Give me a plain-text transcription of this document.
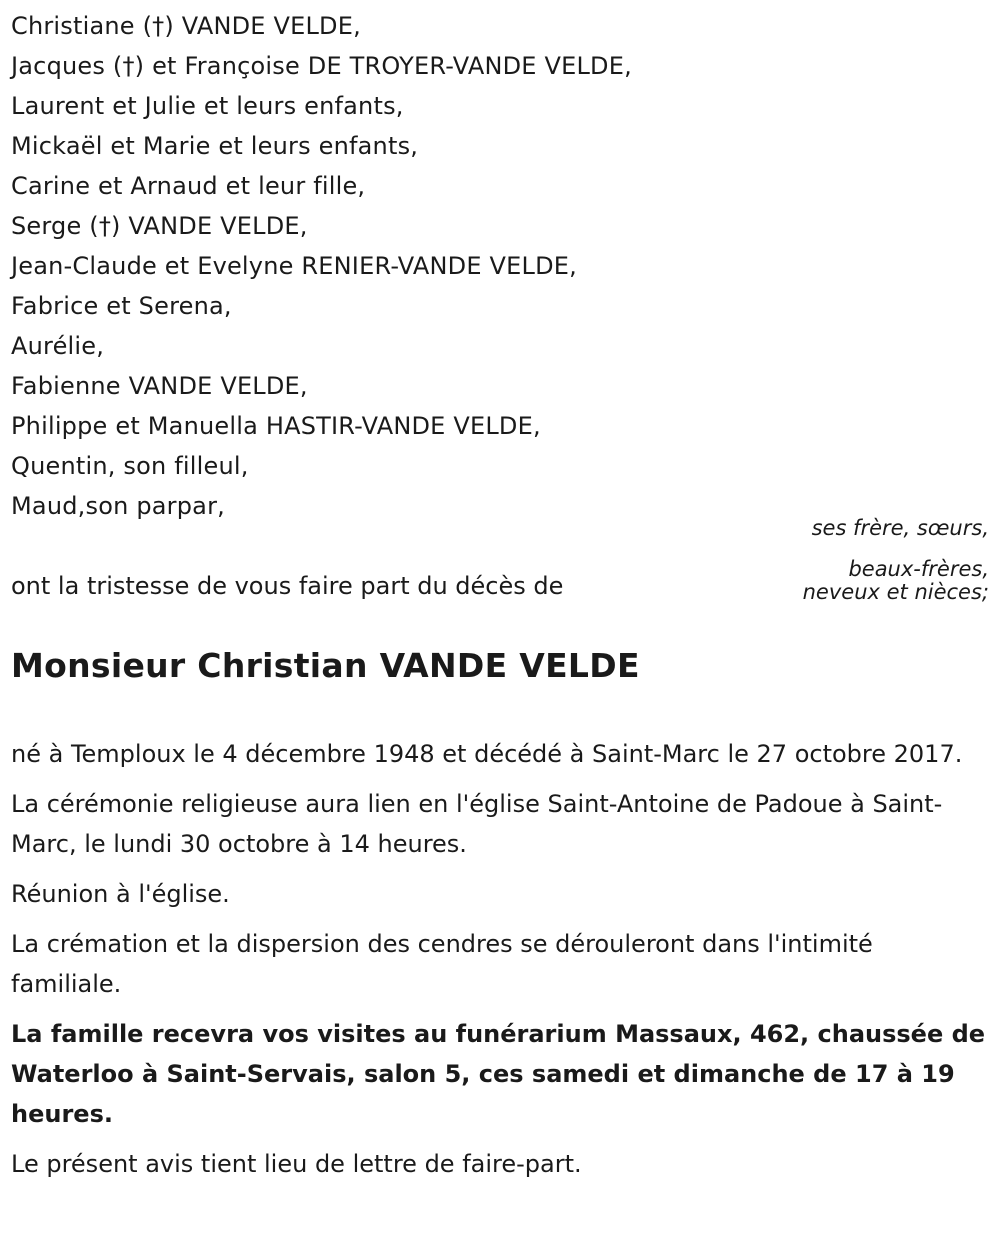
Christiane (†) VANDE VELDE,
Jacques (†) et Françoise DE TROYER-VANDE VELDE,
Laurent et Julie et leurs enfants,
Mickaël et Marie et leurs enfants,
Carine et Arnaud et leur fille,
Serge (†) VANDE VELDE,
Jean-Claude et Evelyne RENIER-VANDE VELDE,
Fabrice et Serena,
Aurélie,
Fabienne VANDE VELDE,
Philippe et Manuella HASTIR-VANDE VELDE,
Quentin, son filleul,
Maud,son parpar,
ses frère, sœurs,
beaux-frères,
neveux et nièces;
ont la tristesse de vous faire part du décès de
Monsieur Christian VANDE VELDE

né à Temploux le 4 décembre 1948 et décédé à Saint-Marc le 27 octobre 2017.

La cérémonie religieuse aura lien en l'église Saint-Antoine de Padoue à Saint-Marc, le lundi 30 octobre à 14 heures.

Réunion à l'église.

La crémation et la dispersion des cendres se dérouleront dans l'intimité familiale.

La famille recevra vos visites au funérarium Massaux, 462, chaussée de Waterloo à Saint-Servais, salon 5, ces samedi et dimanche de 17 à 19 heures.

Le présent avis tient lieu de lettre de faire-part.
